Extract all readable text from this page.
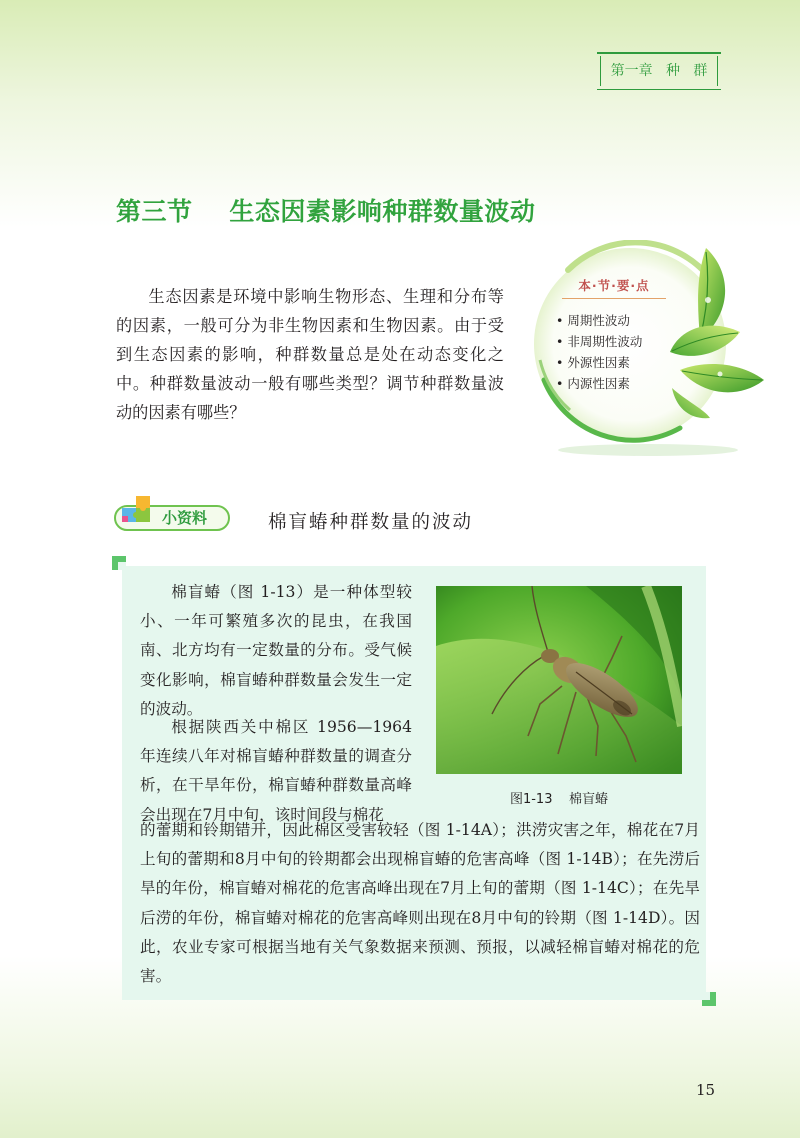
第一章   种   群
第三节    生态因素影响种群数量波动

生态因素是环境中影响生物形态、生理和分布等的因素，一般可分为非生物因素和生物因素。由于受到生态因素的影响，种群数量总是处在动态变化之中。种群数量波动一般有哪些类型？调节种群数量波动的因素有哪些？

本·节·要·点
• 周期性波动
• 非周期性波动
• 外源性因素
• 内源性因素
小资料	棉盲蝽种群数量的波动

棉盲蝽（图 1-13）是一种体型较小、一年可繁殖多次的昆虫，在我国南、北方均有一定数量的分布。受气候变化影响，棉盲蝽种群数量会发生一定的波动。

根据陕西关中棉区 1956—1964 年连续八年对棉盲蝽种群数量的调查分析，在干旱年份，棉盲蝽种群数量高峰会出现在7月中旬，该时间段与棉花

的蕾期和铃期错开，因此棉区受害较轻（图 1-14A）；洪涝灾害之年，棉花在7月上旬的蕾期和8月中旬的铃期都会出现棉盲蝽的危害高峰（图 1-14B）；在先涝后旱的年份，棉盲蝽对棉花的危害高峰出现在7月上旬的蕾期（图 1-14C）；在先旱后涝的年份，棉盲蝽对棉花的危害高峰则出现在8月中旬的铃期（图 1-14D）。因此，农业专家可根据当地有关气象数据来预测、预报，以减轻棉盲蝽对棉花的危害。

图1-13    棉盲蝽
15
